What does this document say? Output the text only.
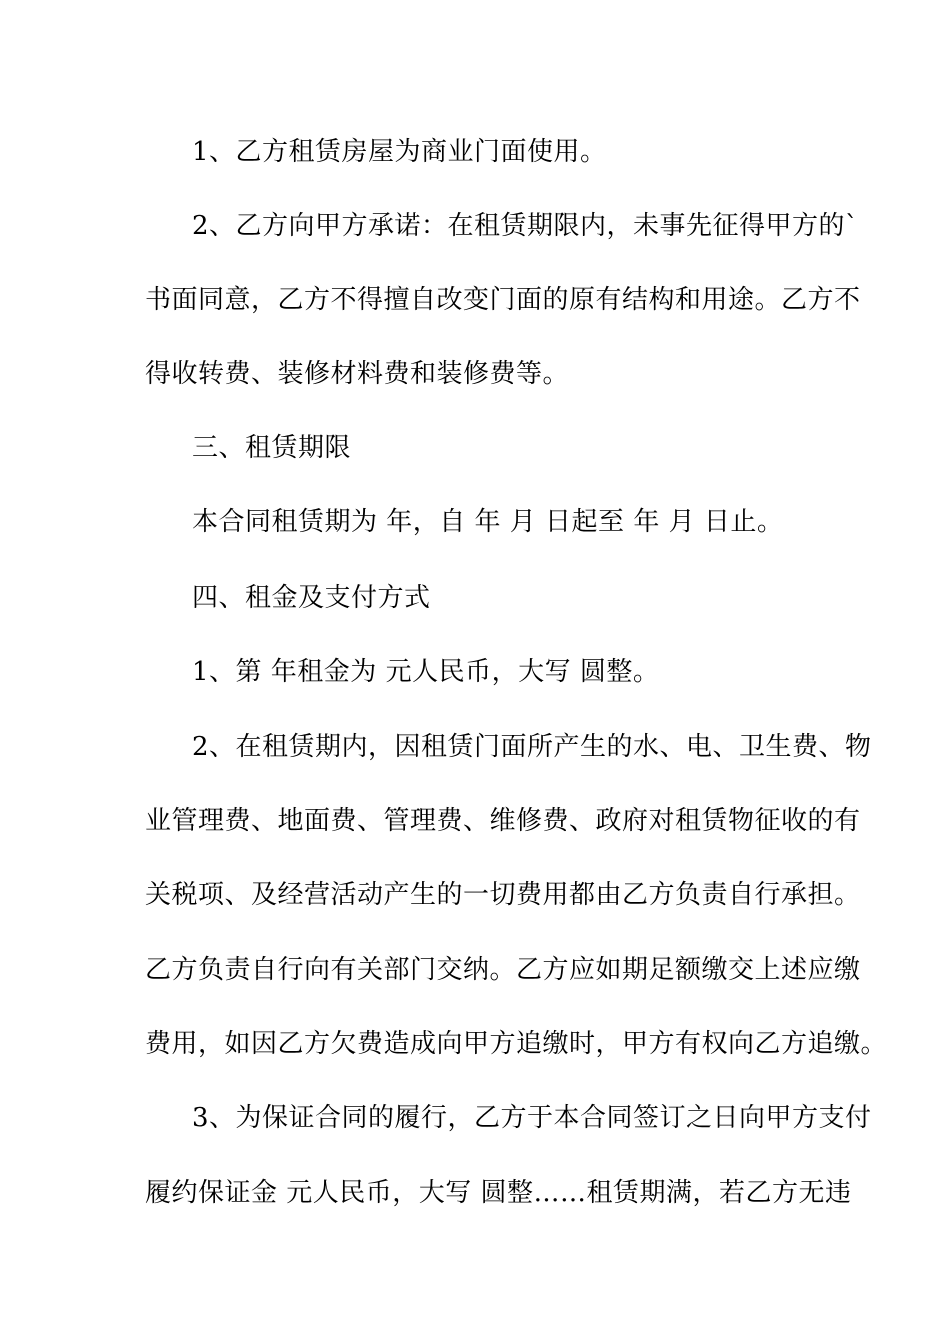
1、乙方租赁房屋为商业门面使用。
2、乙方向甲方承诺：在租赁期限内，未事先征得甲方的`
书面同意，乙方不得擅自改变门面的原有结构和用途。乙方不
得收转费、装修材料费和装修费等。
三、租赁期限
本合同租赁期为 年，自 年 月 日起至 年 月 日止。
四、租金及支付方式
1、第 年租金为 元人民币，大写 圆整。
2、在租赁期内，因租赁门面所产生的水、电、卫生费、物
业管理费、地面费、管理费、维修费、政府对租赁物征收的有
关税项、及经营活动产生的一切费用都由乙方负责自行承担。
乙方负责自行向有关部门交纳。乙方应如期足额缴交上述应缴
费用，如因乙方欠费造成向甲方追缴时，甲方有权向乙方追缴。
3、为保证合同的履行，乙方于本合同签订之日向甲方支付
履约保证金 元人民币，大写 圆整……租赁期满，若乙方无违
